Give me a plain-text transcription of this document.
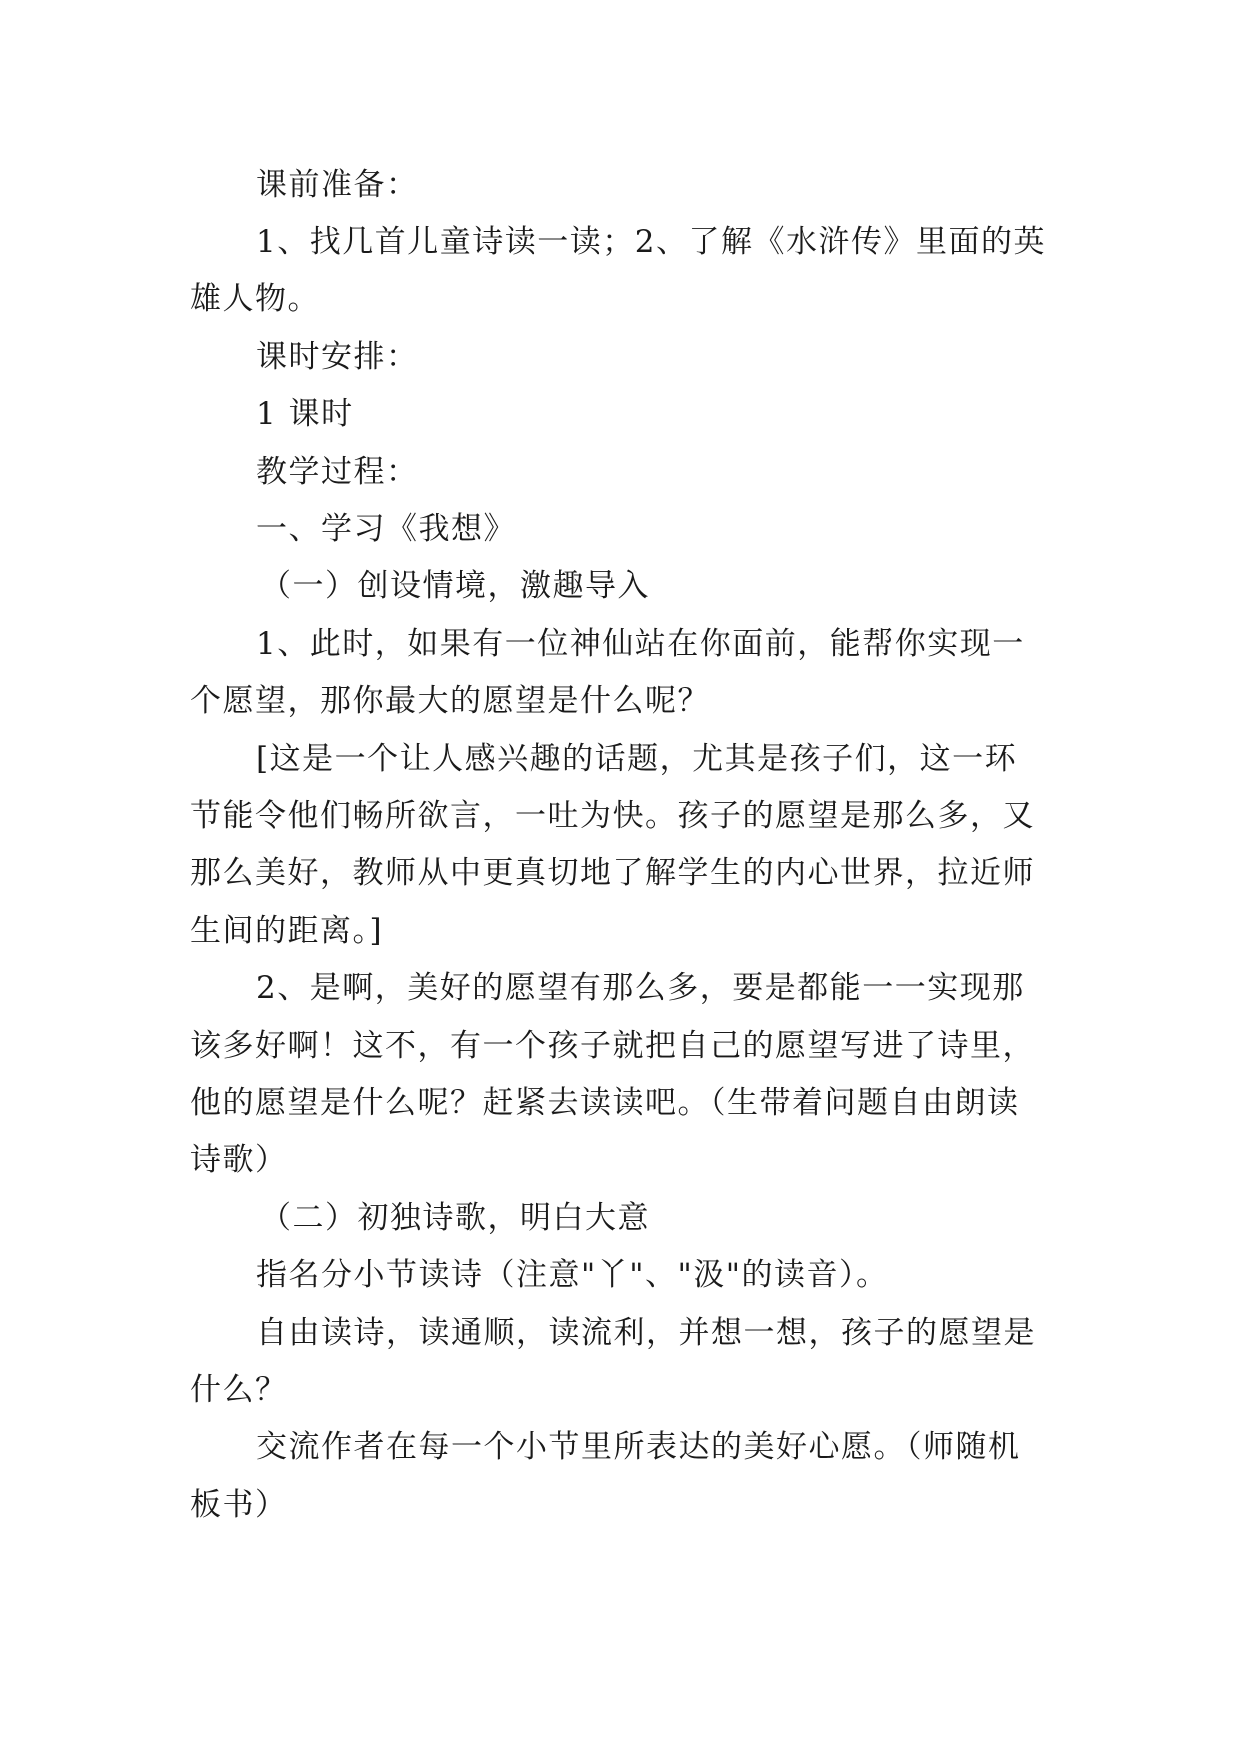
课前准备：
1、找几首儿童诗读一读；2、了解《水浒传》里面的英
雄人物。
课时安排：
1 课时
教学过程：
一、学习《我想》
（一）创设情境，激趣导入
1、此时，如果有一位神仙站在你面前，能帮你实现一
个愿望，那你最大的愿望是什么呢？
[这是一个让人感兴趣的话题，尤其是孩子们，这一环
节能令他们畅所欲言，一吐为快。孩子的愿望是那么多，又
那么美好，教师从中更真切地了解学生的内心世界，拉近师
生间的距离。]
2、是啊，美好的愿望有那么多，要是都能一一实现那
该多好啊！这不，有一个孩子就把自己的愿望写进了诗里，
他的愿望是什么呢？赶紧去读读吧。（生带着问题自由朗读
诗歌）
（二）初独诗歌，明白大意
指名分小节读诗（注意"丫"、"汲"的读音）。
自由读诗，读通顺，读流利，并想一想，孩子的愿望是
什么？
交流作者在每一个小节里所表达的美好心愿。（师随机
板书）
